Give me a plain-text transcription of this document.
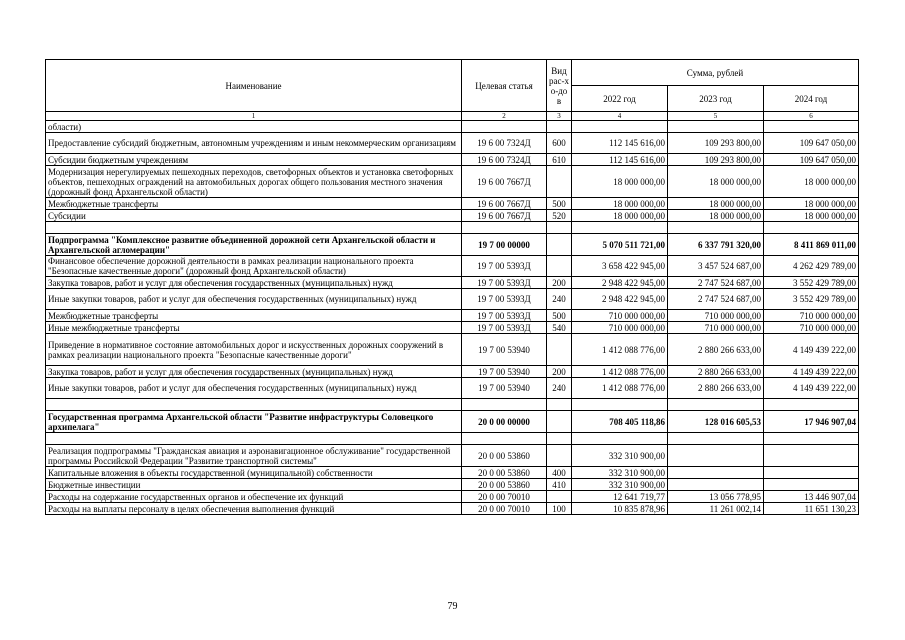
Наименование	Целевая статья	Вид рас-хо-дов	Сумма, рублей		
			2022 год	2023 год	2024 год
1	2	3	4	5	6
области)					
Предоставление субсидий бюджетным, автономным учреждениям и иным некоммерческим организациям	19 6 00 7324Д	600	112 145 616,00	109 293 800,00	109 647 050,00
Субсидии бюджетным учреждениям	19 6 00 7324Д	610	112 145 616,00	109 293 800,00	109 647 050,00
Модернизация нерегулируемых пешеходных переходов, светофорных объектов и установка светофорных объектов, пешеходных ограждений на автомобильных дорогах общего пользования местного значения (дорожный фонд Архангельской области)	19 6 00 7667Д		18 000 000,00	18 000 000,00	18 000 000,00
Межбюджетные трансферты	19 6 00 7667Д	500	18 000 000,00	18 000 000,00	18 000 000,00
Субсидии	19 6 00 7667Д	520	18 000 000,00	18 000 000,00	18 000 000,00

Подпрограмма "Комплексное развитие объединенной дорожной сети Архангельской области и Архангельской агломерации"	19 7 00 00000		5 070 511 721,00	6 337 791 320,00	8 411 869 011,00
Финансовое обеспечение дорожной деятельности в рамках реализации национального проекта "Безопасные качественные дороги" (дорожный фонд Архангельской области)	19 7 00 5393Д		3 658 422 945,00	3 457 524 687,00	4 262 429 789,00
Закупка товаров, работ и услуг для обеспечения государственных (муниципальных) нужд	19 7 00 5393Д	200	2 948 422 945,00	2 747 524 687,00	3 552 429 789,00
Иные закупки товаров, работ и услуг для обеспечения государственных (муниципальных) нужд	19 7 00 5393Д	240	2 948 422 945,00	2 747 524 687,00	3 552 429 789,00
Межбюджетные трансферты	19 7 00 5393Д	500	710 000 000,00	710 000 000,00	710 000 000,00
Иные межбюджетные трансферты	19 7 00 5393Д	540	710 000 000,00	710 000 000,00	710 000 000,00
Приведение в нормативное состояние автомобильных дорог и искусственных дорожных сооружений в рамках реализации национального проекта "Безопасные качественные дороги"	19 7 00 53940		1 412 088 776,00	2 880 266 633,00	4 149 439 222,00
Закупка товаров, работ и услуг для обеспечения государственных (муниципальных) нужд	19 7 00 53940	200	1 412 088 776,00	2 880 266 633,00	4 149 439 222,00
Иные закупки товаров, работ и услуг для обеспечения государственных (муниципальных) нужд	19 7 00 53940	240	1 412 088 776,00	2 880 266 633,00	4 149 439 222,00

Государственная программа Архангельской области "Развитие инфраструктуры Соловецкого архипелага"	20 0 00 00000		708 405 118,86	128 016 605,53	17 946 907,04

Реализация подпрограммы "Гражданская авиация и аэронавигационное обслуживание" государственной программы Российской Федерации "Развитие транспортной системы"	20 0 00 53860		332 310 900,00		
Капитальные вложения в объекты государственной (муниципальной) собственности	20 0 00 53860	400	332 310 900,00		
Бюджетные инвестиции	20 0 00 53860	410	332 310 900,00		
Расходы на содержание государственных органов и обеспечение их функций	20 0 00 70010		12 641 719,77	13 056 778,95	13 446 907,04
Расходы на выплаты персоналу в целях обеспечения выполнения функций	20 0 00 70010	100	10 835 878,96	11 261 002,14	11 651 130,23
79
